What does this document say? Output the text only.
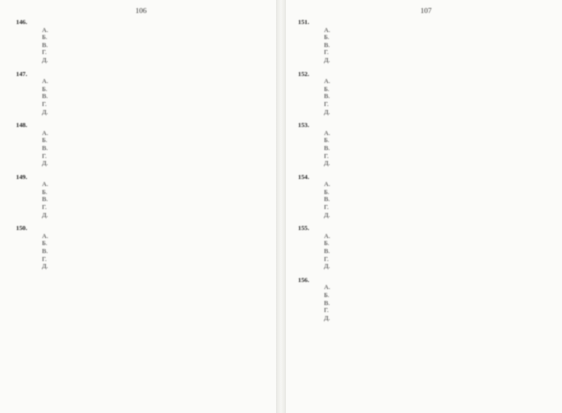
106
146.
А.
Б.
В.
Г.
Д.
147.
А.
Б.
В.
Г.
Д.
148.
А.
Б.
В.
Г.
Д.
149.
А.
Б.
В.
Г.
Д.
150.
А.
Б.
В.
Г.
Д.
107
151.
А.
Б.
В.
Г.
Д.
152.
А.
Б.
В.
Г.
Д.
153.
А.
Б.
В.
Г.
Д.
154.
А.
Б.
В.
Г.
Д.
155.
А.
Б.
В.
Г.
Д.
156.
А.
Б.
В.
Г.
Д.
